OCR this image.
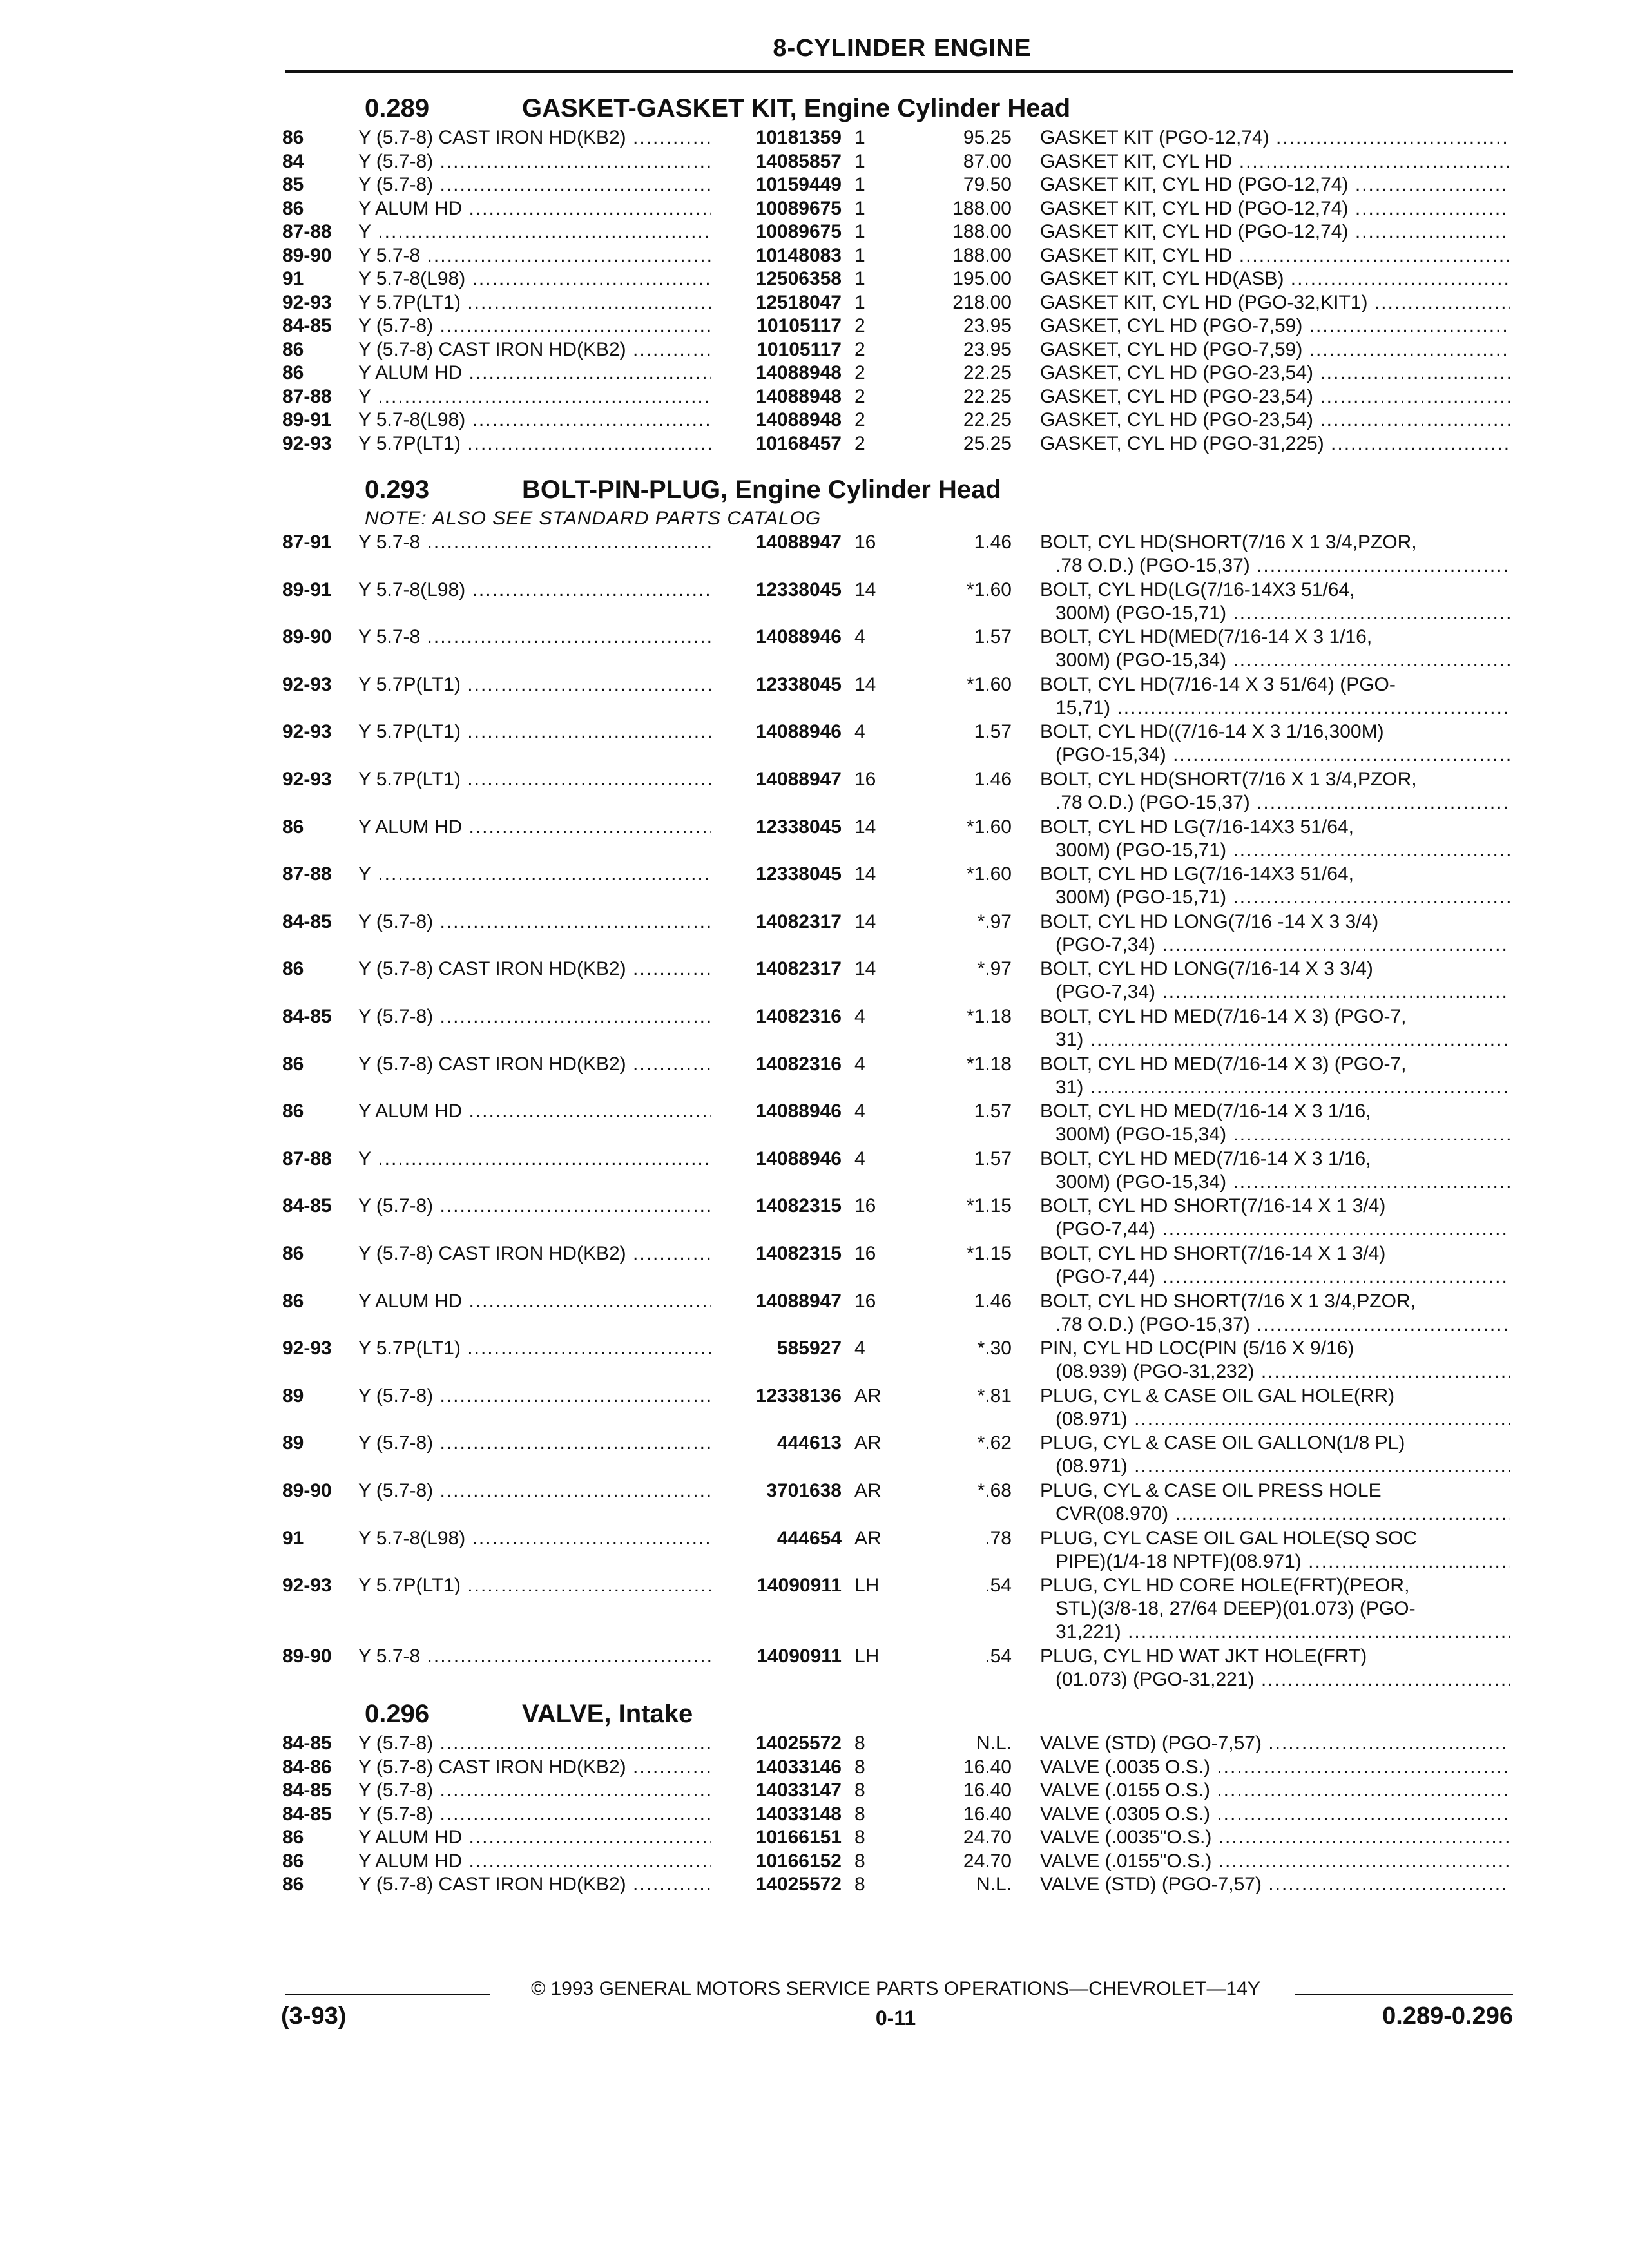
8-CYLINDER ENGINE
0.289	GASKET-GASKET KIT, Engine Cylinder Head
86	Y (5.7-8) CAST IRON HD(KB2) .....	10181359 1	95.25 GASKET KIT (PGO-12,74) .....
84	Y (5.7-8) .....	14085857 1	87.00 GASKET KIT, CYL HD .....
85	Y (5.7-8) .....	10159449 1	79.50 GASKET KIT, CYL HD (PGO-12,74) .....
86	Y ALUM HD .....	10089675 1	188.00 GASKET KIT, CYL HD (PGO-12,74) .....
87-88 Y .....	10089675 1	188.00 GASKET KIT, CYL HD (PGO-12,74) .....
89-90 Y 5.7-8 .....	10148083 1	188.00 GASKET KIT, CYL HD .....
91	Y 5.7-8(L98) .....	12506358 1	195.00 GASKET KIT, CYL HD(ASB) .....
92-93 Y 5.7P(LT1) .....	12518047 1	218.00 GASKET KIT, CYL HD (PGO-32,KIT1) .....
84-85 Y (5.7-8) .....	10105117 2	23.95 GASKET, CYL HD (PGO-7,59) .....
86	Y (5.7-8) CAST IRON HD(KB2) .....	10105117 2	23.95 GASKET, CYL HD (PGO-7,59) .....
86	Y ALUM HD .....	14088948 2	22.25 GASKET, CYL HD (PGO-23,54) .....
87-88 Y .....	14088948 2	22.25 GASKET, CYL HD (PGO-23,54) .....
89-91 Y 5.7-8(L98) .....	14088948 2	22.25 GASKET, CYL HD (PGO-23,54) .....
92-93 Y 5.7P(LT1) .....	10168457 2	25.25 GASKET, CYL HD (PGO-31,225) .....
0.293	BOLT-PIN-PLUG, Engine Cylinder Head
NOTE: ALSO SEE STANDARD PARTS CATALOG
87-91 Y 5.7-8 .....	14088947 16	1.46 BOLT, CYL HD(SHORT(7/16 X 1 3/4,PZOR,
.78 O.D.) (PGO-15,37) .....
89-91 Y 5.7-8(L98) .....	12338045 14	*1.60 BOLT, CYL HD(LG(7/16-14X3 51/64,
300M) (PGO-15,71) .....
89-90 Y 5.7-8 .....	14088946 4	1.57 BOLT, CYL HD(MED(7/16-14 X 3 1/16,
300M) (PGO-15,34) .....
92-93 Y 5.7P(LT1) .....	12338045 14	*1.60 BOLT, CYL HD(7/16-14 X 3 51/64) (PGO-
15,71) .....
92-93 Y 5.7P(LT1) .....	14088946 4	1.57 BOLT, CYL HD((7/16-14 X 3 1/16,300M)
(PGO-15,34) .....
92-93 Y 5.7P(LT1) .....	14088947 16	1.46 BOLT, CYL HD(SHORT(7/16 X 1 3/4,PZOR,
.78 O.D.) (PGO-15,37) .....
86	Y ALUM HD .....	12338045 14	*1.60 BOLT, CYL HD LG(7/16-14X3 51/64,
300M) (PGO-15,71) .....
87-88 Y .....	12338045 14	*1.60 BOLT, CYL HD LG(7/16-14X3 51/64,
300M) (PGO-15,71) .....
84-85 Y (5.7-8) .....	14082317 14	*.97 BOLT, CYL HD LONG(7/16 -14 X 3 3/4)
(PGO-7,34) .....
86	Y (5.7-8) CAST IRON HD(KB2) .....	14082317 14	*.97 BOLT, CYL HD LONG(7/16-14 X 3 3/4)
(PGO-7,34) .....
84-85 Y (5.7-8) .....	14082316 4	*1.18 BOLT, CYL HD MED(7/16-14 X 3) (PGO-7,
31) .....
86	Y (5.7-8) CAST IRON HD(KB2) .....	14082316 4	*1.18 BOLT, CYL HD MED(7/16-14 X 3) (PGO-7,
31) .....
86	Y ALUM HD .....	14088946 4	1.57 BOLT, CYL HD MED(7/16-14 X 3 1/16,
300M) (PGO-15,34) .....
87-88 Y .....	14088946 4	1.57 BOLT, CYL HD MED(7/16-14 X 3 1/16,
300M) (PGO-15,34) .....
84-85 Y (5.7-8) .....	14082315 16	*1.15 BOLT, CYL HD SHORT(7/16-14 X 1 3/4)
(PGO-7,44) .....
86	Y (5.7-8) CAST IRON HD(KB2) .....	14082315 16	*1.15 BOLT, CYL HD SHORT(7/16-14 X 1 3/4)
(PGO-7,44) .....
86	Y ALUM HD .....	14088947 16	1.46 BOLT, CYL HD SHORT(7/16 X 1 3/4,PZOR,
.78 O.D.) (PGO-15,37) .....
92-93 Y 5.7P(LT1) .....	585927 4	*.30 PIN, CYL HD LOC(PIN (5/16 X 9/16)
(08.939) (PGO-31,232) .....
89	Y (5.7-8) .....	12338136 AR	*.81 PLUG, CYL & CASE OIL GAL HOLE(RR)
(08.971) .....
89	Y (5.7-8) .....	444613 AR	*.62 PLUG, CYL & CASE OIL GALLON(1/8 PL)
(08.971) .....
89-90 Y (5.7-8) .....	3701638 AR	*.68 PLUG, CYL & CASE OIL PRESS HOLE
CVR(08.970) .....
91	Y 5.7-8(L98) .....	444654 AR	.78 PLUG, CYL CASE OIL GAL HOLE(SQ SOC
PIPE)(1/4-18 NPTF)(08.971) .....
92-93 Y 5.7P(LT1) .....	14090911 LH	.54 PLUG, CYL HD CORE HOLE(FRT)(PEOR,
STL)(3/8-18, 27/64 DEEP)(01.073) (PGO-
31,221) .....
89-90 Y 5.7-8 .....	14090911 LH	.54 PLUG, CYL HD WAT JKT HOLE(FRT)
(01.073) (PGO-31,221) .....
0.296	VALVE, Intake
84-85 Y (5.7-8) .....	14025572 8	N.L. VALVE (STD) (PGO-7,57) .....
84-86 Y (5.7-8) CAST IRON HD(KB2) .....	14033146 8	16.40 VALVE (.0035 O.S.) .....
84-85 Y (5.7-8) .....	14033147 8	16.40 VALVE (.0155 O.S.) .....
84-85 Y (5.7-8) .....	14033148 8	16.40 VALVE (.0305 O.S.) .....
86	Y ALUM HD .....	10166151 8	24.70 VALVE (.0035"O.S.) .....
86	Y ALUM HD .....	10166152 8	24.70 VALVE (.0155"O.S.) .....
86	Y (5.7-8) CAST IRON HD(KB2) .....	14025572 8	N.L. VALVE (STD) (PGO-7,57) .....
© 1993 GENERAL MOTORS SERVICE PARTS OPERATIONS—CHEVROLET—14Y
(3-93)	0-11	0.289-0.296
